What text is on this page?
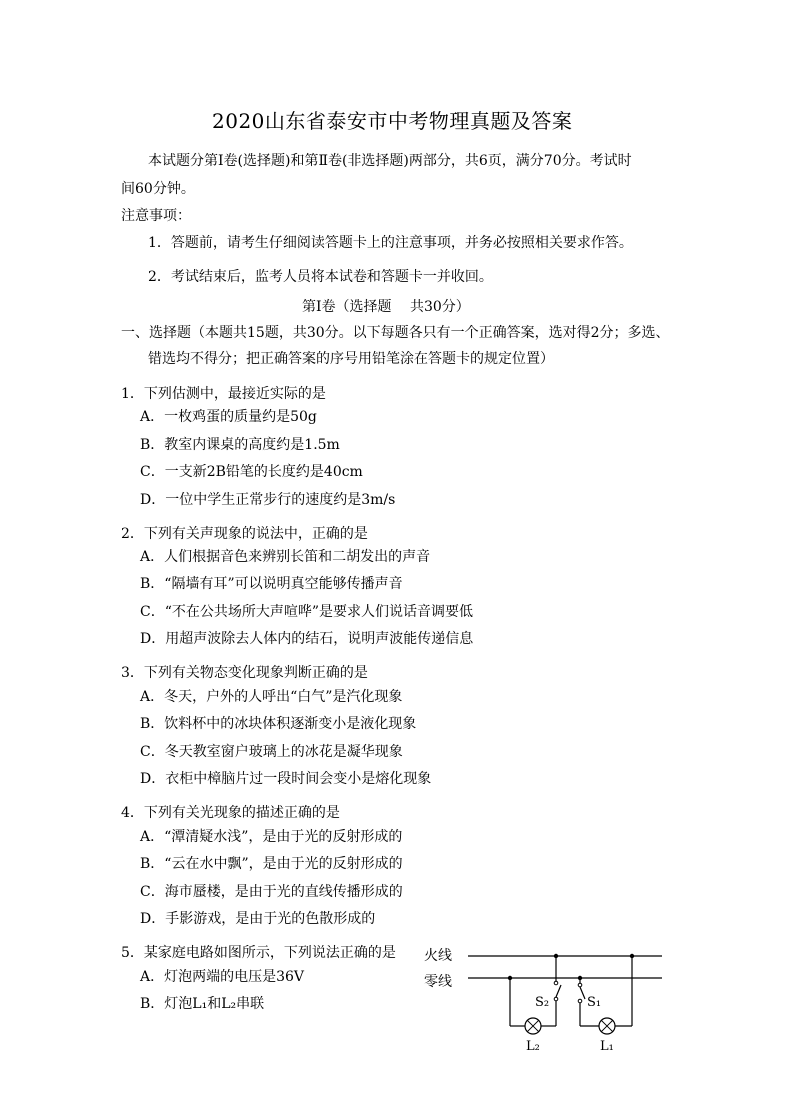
2020山东省泰安市中考物理真题及答案
本试题分第Ⅰ卷(选择题)和第Ⅱ卷(非选择题)两部分，共6页，满分70分。考试时
间60分钟。
注意事项：
1．答题前，请考生仔细阅读答题卡上的注意事项，并务必按照相关要求作答。
2．考试结束后，监考人员将本试卷和答题卡一并收回。
第Ⅰ卷（选择题　 共30分）
一、选择题（本题共15题，共30分。以下每题各只有一个正确答案，选对得2分；多选、
错选均不得分；把正确答案的序号用铅笔涂在答题卡的规定位置）
1．下列估测中，最接近实际的是
A．一枚鸡蛋的质量约是50g
B．教室内课桌的高度约是1.5m
C．一支新2B铅笔的长度约是40cm
D．一位中学生正常步行的速度约是3m/s
2．下列有关声现象的说法中，正确的是
A．人们根据音色来辨别长笛和二胡发出的声音
B．“隔墙有耳”可以说明真空能够传播声音
C．“不在公共场所大声喧哗”是要求人们说话音调要低
D．用超声波除去人体内的结石，说明声波能传递信息
3．下列有关物态变化现象判断正确的是
A．冬天，户外的人呼出“白气”是汽化现象
B．饮料杯中的冰块体积逐渐变小是液化现象
C．冬天教室窗户玻璃上的冰花是凝华现象
D．衣柜中樟脑片过一段时间会变小是熔化现象
4．下列有关光现象的描述正确的是
A．“潭清疑水浅”，是由于光的反射形成的
B．“云在水中飘”，是由于光的反射形成的
C．海市蜃楼，是由于光的直线传播形成的
D．手影游戏，是由于光的色散形成的
5．某家庭电路如图所示，下列说法正确的是
A．灯泡两端的电压是36V
B．灯泡L₁和L₂串联
火线
零线
S₂
L₂
S₁
L₁
